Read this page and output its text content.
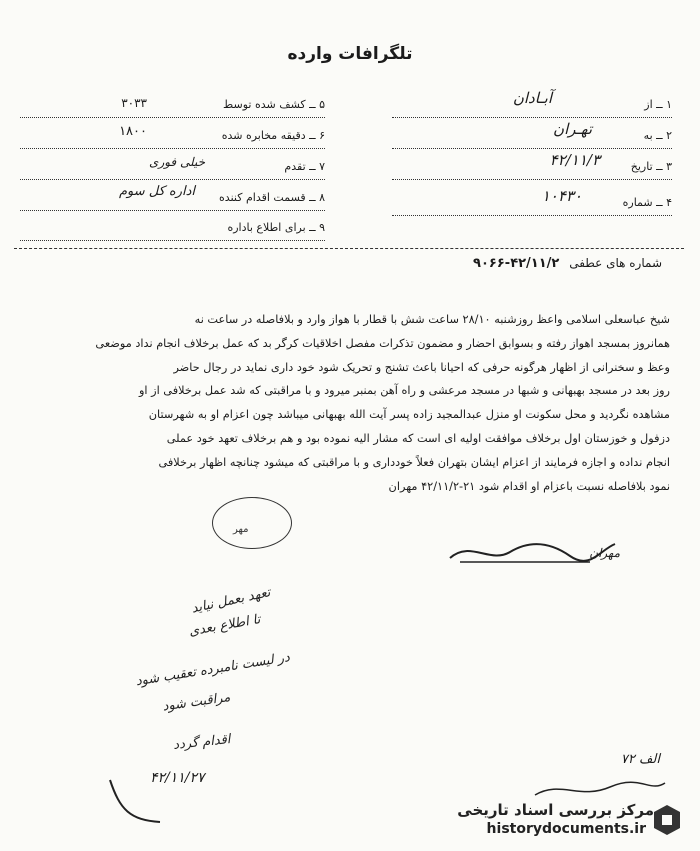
تلگرافات وارده
۱ ــ از
آبـادان
۲ ــ به
تهـران
۳ ــ تاریخ
۴۲/۱۱/۳
۴ ــ شماره
۱۰۴۳۰
۵ ــ کشف شده توسط
۳۰۳۳
۶ ــ دقیقه مخابره شده
۱۸۰۰
۷ ــ تقدم
خیلی فوری
۸ ــ قسمت اقدام کننده
اداره کل سوم
۹ ــ برای اطلاع باداره
شماره های عطفی ۴۲/۱۱/۲-۹۰۶۶
شیخ عباسعلی اسلامی واعظ روزشنبه ۲۸/۱۰ ساعت شش با قطار با هواز وارد و بلافاصله در ساعت نه
همانروز بمسجد اهواز رفته و بسوابق احضار و مضمون تذکرات مفصل اخلاقیات کرگر بد که عمل برخلاف انجام نداد موضعی
وعظ و سخنرانی از اظهار هرگونه حرفی که احیانا باعث تشنج و تحریک شود خود داری نماید در رجال حاضر
روز بعد در مسجد بهبهانی و شبها در مسجد مرعشی و راه آهن بمنبر میرود و با مراقبتی که شد عمل برخلافی از او
مشاهده نگردید و محل سکونت او منزل عبدالمجید زاده پسر آیت الله بهبهانی میباشد چون اعزام او به شهرستان
دزفول و خوزستان اول برخلاف موافقت اولیه ای است که مشار الیه نموده بود و هم برخلاف تعهد خود عملی
انجام نداده و اجازه فرمایند از اعزام ایشان بتهران فعلاً خودداری و با مراقبتی که میشود چنانچه اظهار برخلافی
نمود بلافاصله نسبت باعزام او اقدام شود ۲۱-۴۲/۱۱/۲ مهران
مهر
مهران
تعهد بعمل نیاید
تا اطلاع بعدی
در لیست نامبرده تعقیب شود
مراقبت شود
اقدام گردد
۴۲/۱۱/۲۷
الف ۷۲
مرکز بررسی اسناد تاریخی
historydocuments.ir
